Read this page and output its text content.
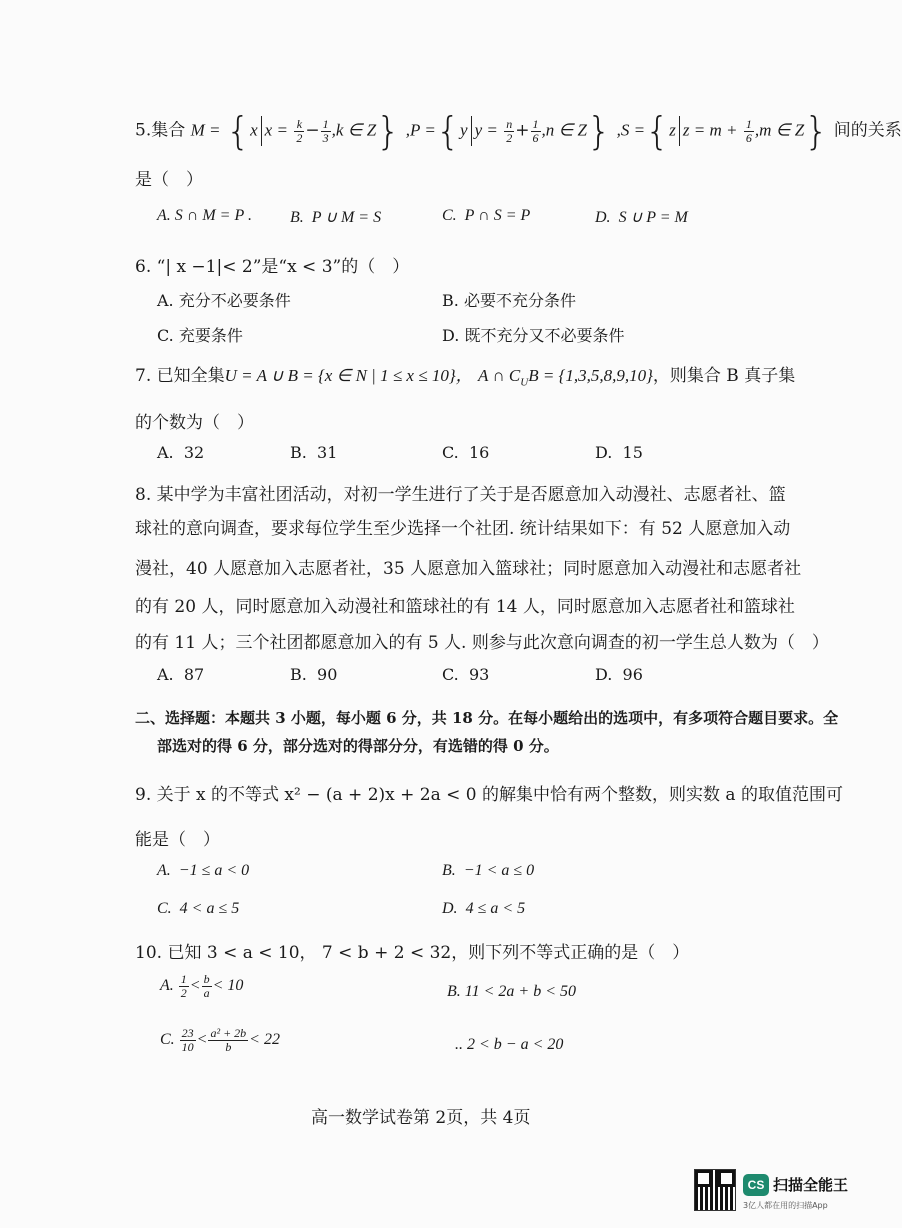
5.集合 M = {x $x = \frac{k}{2} - \frac{1}{3} ,k$ ∈ Z} ,P ={y $y = \frac{n}{2} + \frac{1}{6} ,n$ ∈ Z} ,S ={z $z = m + \frac{1}{6} ,m$ ∈ Z} 间的关系
是（　）
A. S ∩ M = P . B. P ∪ M = S	C. P ∩ S = P	D. S ∪ P = M
6. “| x −1|< 2”是“x < 3”的（　）
A. 充分不必要条件	B. 必要不充分条件
C. 充要条件	D. 既不充分又不必要条件
7. 已知全集U = A ∪ B = {x ∈ N | 1 ≤ x ≤ 10}， A ∩ $C_UB = \{1,3,5,8,9,10\}$，则集合 B 真子集
的个数为（　）
A. 32	B. 31	C. 16	D. 15
8. 某中学为丰富社团活动，对初一学生进行了关于是否愿意加入动漫社、志愿者社、篮
球社的意向调查，要求每位学生至少选择一个社团. 统计结果如下：有 52 人愿意加入动
漫社，40 人愿意加入志愿者社，35 人愿意加入篮球社；同时愿意加入动漫社和志愿者社
的有 20 人，同时愿意加入动漫社和篮球社的有 14 人，同时愿意加入志愿者社和篮球社
的有 11 人；三个社团都愿意加入的有 5 人. 则参与此次意向调查的初一学生总人数为（　）
A. 87	B. 90	C. 93	D. 96
二、选择题：本题共 3 小题，每小题 6 分，共 18 分。在每小题给出的选项中，有多项符合题目要求。全
部选对的得 6 分，部分选对的得部分分，有选错的得 0 分。
9. 关于 x 的不等式 x² − (a + 2)x + 2a < 0 的解集中恰有两个整数，则实数 a 的取值范围可
能是（　）
A. −1 ≤ a < 0	B. −1 < a ≤ 0
C. 4 < a ≤ 5	D. 4 ≤ a < 5
10. 已知 3 < a < 10， 7 < b + 2 < 32，则下列不等式正确的是（　）
A. $\frac{1}{2} < \frac{b}{a} < 10$	B. 11 < 2a + b < 50
C. $\frac{23}{10} < \frac{\text{a² + 2b}}{b} < 22$	.. 2 < b − a < 20
高一数学试卷第 2页，共 4页
CS 扫描全能王
3亿人都在用的扫描App
